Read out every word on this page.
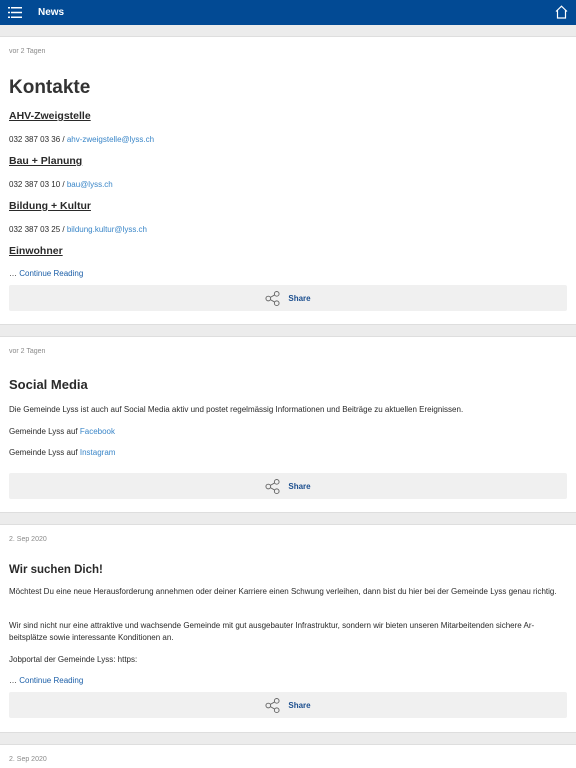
News
vor 2 Tagen
Kontakte
AHV-Zweigstelle
032 387 03 36 / ahv-zweigstelle@lyss.ch
Bau + Planung
032 387 03 10 / bau@lyss.ch
Bildung + Kultur
032 387 03 25 / bildung.kultur@lyss.ch
Einwohner
… Continue Reading
Share
vor 2 Tagen
Social Media
Die Gemeinde Lyss ist auch auf Social Media aktiv und postet regelmässig Informationen und Beiträge zu aktuellen Ereignissen.
Gemeinde Lyss auf Facebook
Gemeinde Lyss auf Instagram
Share
2. Sep 2020
Wir suchen Dich!
Möchtest Du eine neue Herausforderung annehmen oder deiner Karriere einen Schwung verleihen, dann bist du hier bei der Gemeinde Lyss genau richtig.
Wir sind nicht nur eine attraktive und wachsende Gemeinde mit gut ausgebauter Infrastruktur, sondern wir bieten unseren Mitarbeitenden sichere Arbeitsplätze sowie interessante Konditionen an.
Jobportal der Gemeinde Lyss: https:
… Continue Reading
Share
2. Sep 2020
